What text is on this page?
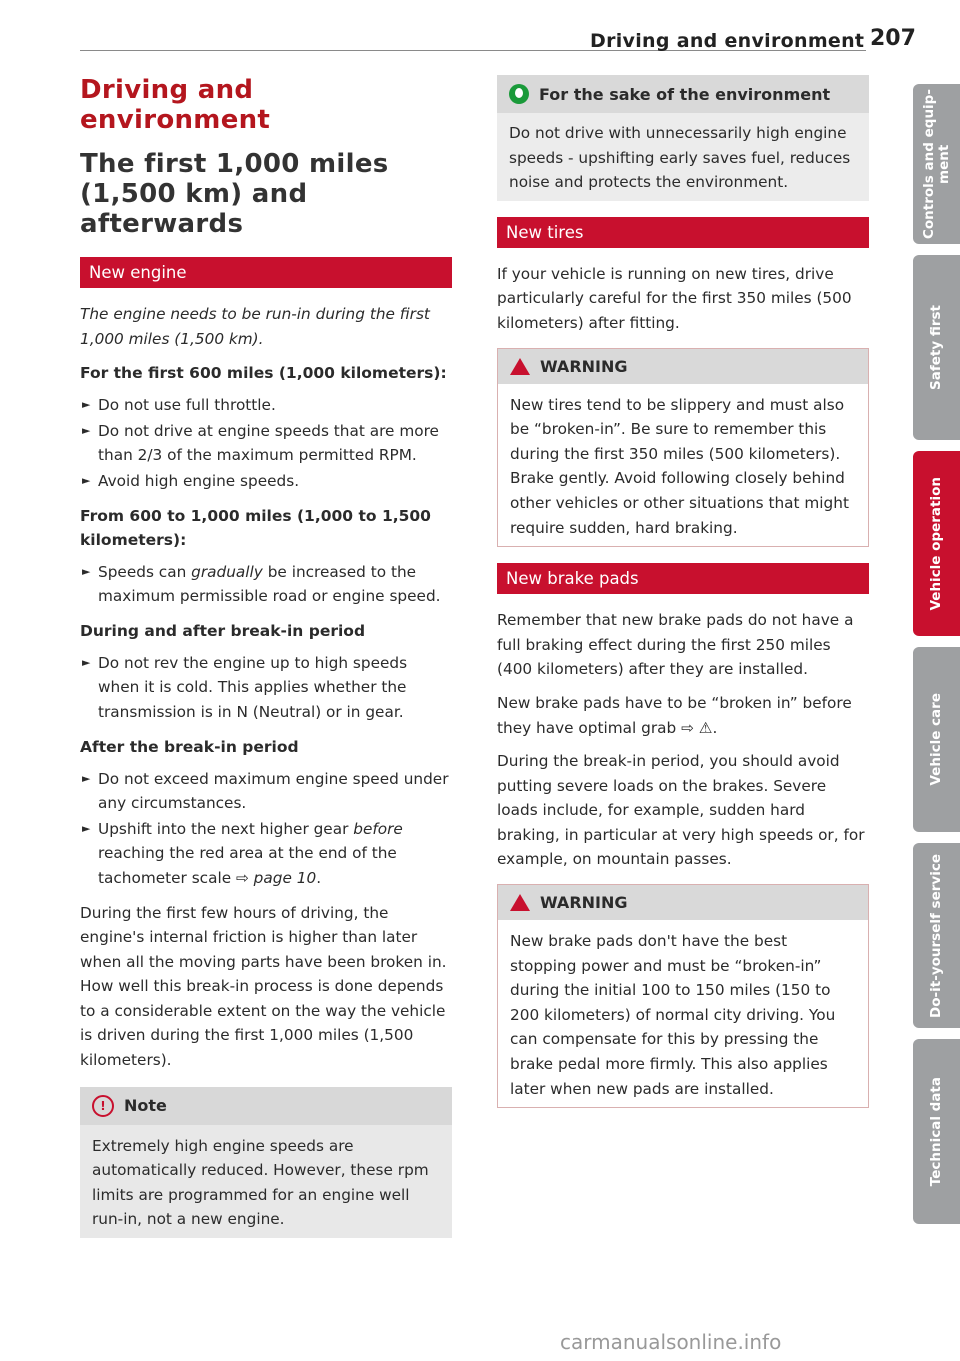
Driving and environment 207
Driving and
environment
The first 1,000 miles
(1,500 km) and
afterwards
New engine

The engine needs to be run-in during the first 1,000 miles (1,500 km).

For the first 600 miles (1,000 kilometers):
► Do not use full throttle.
► Do not drive at engine speeds that are more than 2/3 of the maximum permitted RPM.
► Avoid high engine speeds.
From 600 to 1,000 miles (1,000 to 1,500 kilometers):
► Speeds can gradually be increased to the maximum permissible road or engine speed.
During and after break-in period
► Do not rev the engine up to high speeds when it is cold. This applies whether the transmission is in N (Neutral) or in gear.
After the break-in period
► Do not exceed maximum engine speed under any circumstances.
► Upshift into the next higher gear before reaching the red area at the end of the tachometer scale ⇨ page 10.

During the first few hours of driving, the engine's internal friction is higher than later when all the moving parts have been broken in. How well this break-in process is done depends to a considerable extent on the way the vehicle is driven during the first 1,000 miles (1,500 kilometers).

!	Note
Extremely high engine speeds are automatically reduced. However, these rpm limits are programmed for an engine well run-in, not a new engine.
For the sake of the environment
Do not drive with unnecessarily high engine speeds - upshifting early saves fuel, reduces noise and protects the environment.
New tires

If your vehicle is running on new tires, drive particularly careful for the first 350 miles (500 kilometers) after fitting.

WARNING
New tires tend to be slippery and must also be “broken-in”. Be sure to remember this during the first 350 miles (500 kilometers). Brake gently. Avoid following closely behind other vehicles or other situations that might require sudden, hard braking.
New brake pads

Remember that new brake pads do not have a full braking effect during the first 250 miles (400 kilometers) after they are installed.

New brake pads have to be “broken in” before they have optimal grab ⇨ ⚠.

During the break-in period, you should avoid putting severe loads on the brakes. Severe loads include, for example, sudden hard braking, in particular at very high speeds or, for example, on mountain passes.

WARNING
New brake pads don't have the best stopping power and must be “broken-in” during the initial 100 to 150 miles (150 to 200 kilometers) of normal city driving. You can compensate for this by pressing the brake pedal more firmly. This also applies later when new pads are installed.
Controls and equip-ment
Safety first
Vehicle operation
Vehicle care
Do-it-yourself service
Technical data
carmanualsonline.info
